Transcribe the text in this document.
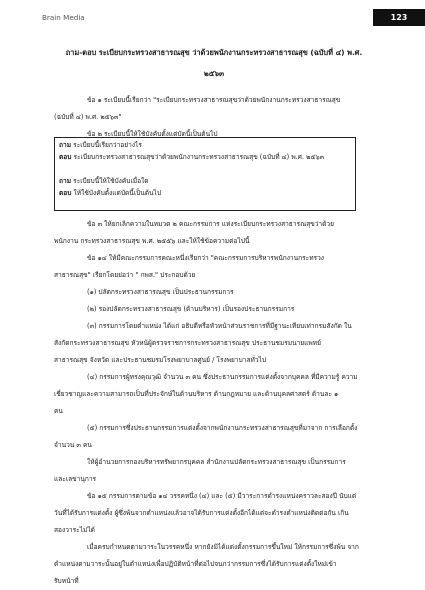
Brain Media	123
ถาม-ตอบ ระเบียบกระทรวงสาธารณสุข ว่าด้วยพนักงานกระทรวงสาธารณสุข (ฉบับที่ ๔) พ.ศ.
๒๕๖๓
ข้อ ๑ ระเบียบนี้เรียกว่า "ระเบียบกระทรวงสาธารณสุขว่าด้วยพนักงานกระทรวงสาธารณสุข
(ฉบับที่ ๔) พ.ศ. ๒๕๖๓"
ข้อ ๒ ระเบียบนี้ให้ใช้บังคับตั้งแต่บัดนี้เป็นต้นไป
ถาม ระเบียบนี้เรียกว่าอย่างไร
ตอบ ระเบียบกระทรวงสาธารณสุขว่าด้วยพนักงานกระทรวงสาธารณสุข (ฉบับที่ ๔) พ.ศ. ๒๕๖๓
ถาม ระเบียบนี้ให้ใช้บังคับเมื่อใด
ตอบ ให้ใช้บังคับตั้งแต่บัดนี้เป็นต้นไป
ข้อ ๓ ให้ยกเลิกความในหมวด ๒ คณะกรรมการ แห่งระเบียบกระทรวงสาธารณสุขว่าด้วย
พนักงาน กระทรวงสาธารณสุข พ.ศ. ๒๕๕๖ และให้ใช้ข้อความต่อไปนี้
ข้อ ๑๔ ให้มีคณะกรรมการคณะหนึ่งเรียกว่า "คณะกรรมการบริหารพนักงานกระทรวง
สาธารณสุข" เรียกโดยย่อว่า " กพส." ประกอบด้วย
(๑) ปลัดกระทรวงสาธารณสุข เป็นประธานกรรมการ
(๒) รองปลัดกระทรวงสาธารณสุข (ด้านบริหาร) เป็นรองประธานกรรมการ
(๓) กรรมการโดยตำแหน่ง ได้แก่ อธิบดีหรือหัวหน้าส่วนราชการที่มีฐานะเทียบเท่ากรมสังกัด ใน
สังกัดกระทรวงสาธารณสุข หัวหน้ผู้ตรวจราชการกระทรวงสาธารณสุข ประธานชมรมนายแพทย์
สาธารณสุข จังหวัด และประธานชมรมโรงพยาบาลศูนย์ / โรงพยาบาลทั่วไป
(๔) กรรมการผู้ทรงคุณวุฒิ จำนวน ๓ คน ซึ่งประธานกรรมการแต่งตั้งจากบุคคล ที่มีความรู้ ความ
เชี่ยวชาญและความสามารถเป็นที่ประจักษ์ในด้านบริหาร ด้านกฎหมาย และด้านบุคลศาสตร์ ด้านละ ๑
คน
(๕) กรรมการซึ่งประธานกรรมการแต่งตั้งจากพนักงานกระทรวงสาธารณสุขที่มาจาก การเลือกตั้ง
จำนวน ๓ คน
ให้ผู้อำนวยการกองบริหารทรัพยากรบุคคล สำนักงานปลัดกระทรวงสาธารณสุข เป็นกรรมการ
และเลขานุการ
ข้อ ๑๕ กรรมการตามข้อ ๑๔ วรรคหนึ่ง (๔) และ (๕) มีวาระการดำรงแหน่งคราวละสองปี นับแต่
วันที่ได้รับการแต่งตั้ง ผู้ซึ่งพ้นจากตำแหน่งแล้วอาจได้รับการแต่งตั้งอีกได้แต่จะดำรงตำแหน่งติดต่อกัน เกิน
สองวาระไม่ได้
เมื่อครบกำหนดตามวาระในวรรคหนึ่ง หากยังมิได้แต่งตั้งกรรมการขึ้นใหม่ ให้กรรมการซึ่งพ้น จาก
ตำแหน่งตามวาระนั้นอยู่ในตำแหน่งเพื่อปฏิบัติหน้าที่ต่อไปจนกว่ากรรมการซึ่งได้รับการแต่งตั้งใหม่เข้า
รับหน้าที่
